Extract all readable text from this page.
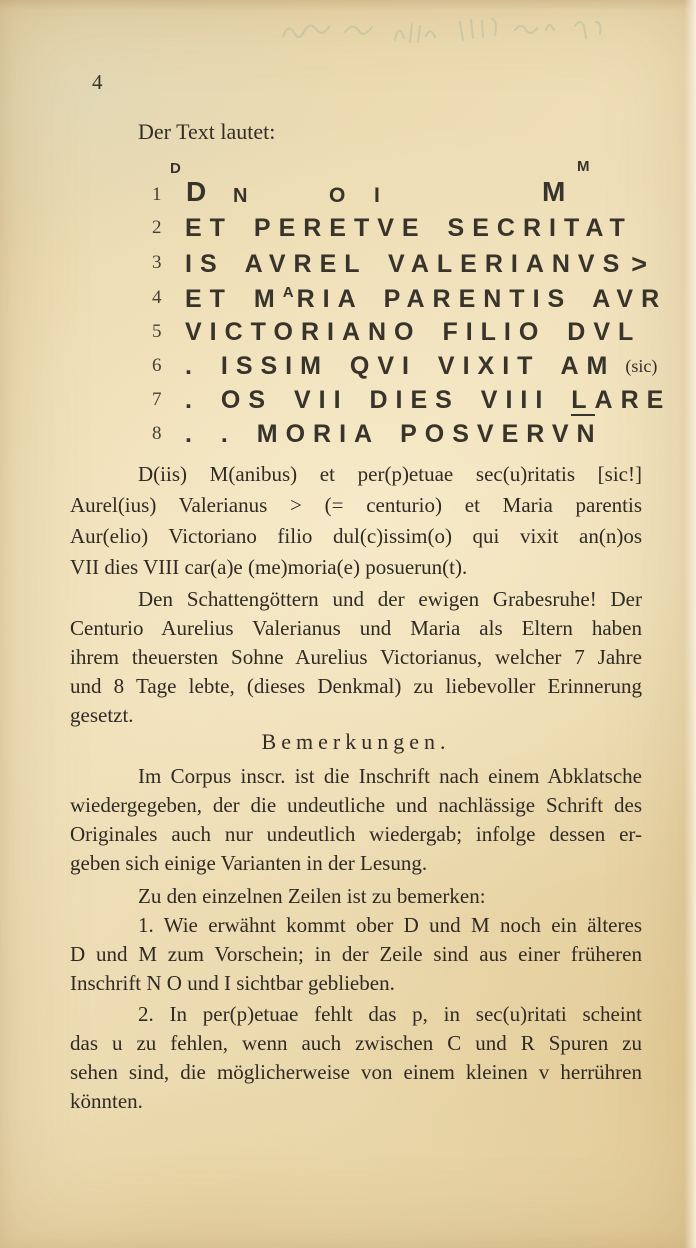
4
Der Text lautet:
1
D
D N	O I	M
M
2 ET PERETVE SECRITAT
3 IS AVREL VALERIANVS >
4 ET $M^ARIA$ PARENTIS AVR
5 VICTORIANO FILIO DVL
6 . ISSIM QVI VIXIT AM (sic)
7 . OS VII DIES VIII LARE
8 . . MORIA POSVERVN
D(iis) M(anibus) et per(p)etuae sec(u)ritatis [sic!]
Aurel(ius) Valerianus > (= centurio) et Maria parentis
Aur(elio) Victoriano filio dul(c)issim(o) qui vixit an(n)os
VII dies VIII car(a)e (me)moria(e) posuerun(t).
Den Schattengöttern und der ewigen Grabesruhe! Der
Centurio Aurelius Valerianus und Maria als Eltern haben
ihrem theuersten Sohne Aurelius Victorianus, welcher 7 Jahre
und 8 Tage lebte, (dieses Denkmal) zu liebevoller Erinnerung
gesetzt.
Bemerkungen.
Im Corpus inscr. ist die Inschrift nach einem Abklatsche
wiedergegeben, der die undeutliche und nachlässige Schrift des
Originales auch nur undeutlich wiedergab; infolge dessen er-
geben sich einige Varianten in der Lesung.
Zu den einzelnen Zeilen ist zu bemerken:
1. Wie erwähnt kommt ober D und M noch ein älteres
D und M zum Vorschein; in der Zeile sind aus einer früheren
Inschrift N O und I sichtbar geblieben.
2. In per(p)etuae fehlt das p, in sec(u)ritati scheint
das u zu fehlen, wenn auch zwischen C und R Spuren zu
sehen sind, die möglicherweise von einem kleinen v herrühren
könnten.
